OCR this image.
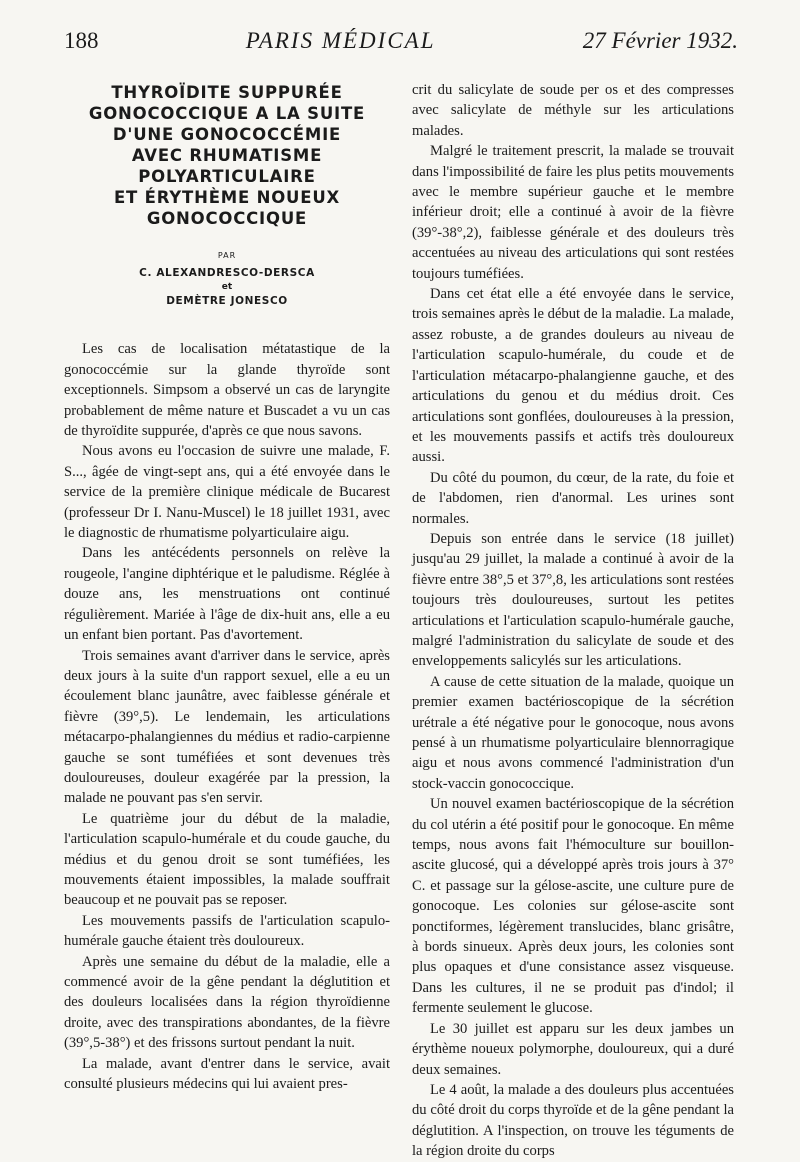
188	PARIS MÉDICAL	27 Février 1932.
THYROÏDITE SUPPURÉE
GONOCOCCIQUE A LA SUITE
D'UNE GONOCOCCÉMIE
AVEC RHUMATISME
POLYARTICULAIRE
ET ÉRYTHÈME NOUEUX
GONOCOCCIQUE
PAR
C. ALEXANDRESCO-DERSCA
et
DEMÈTRE JONESCO

Les cas de localisation métatastique de la gonococcémie sur la glande thyroïde sont exceptionnels. Simpsom a observé un cas de laryngite probablement de même nature et Buscadet a vu un cas de thyroïdite suppurée, d'après ce que nous savons.

Nous avons eu l'occasion de suivre une malade, F. S..., âgée de vingt-sept ans, qui a été envoyée dans le service de la première clinique médicale de Bucarest (professeur Dr I. Nanu-Muscel) le 18 juillet 1931, avec le diagnostic de rhumatisme polyarticulaire aigu.

Dans les antécédents personnels on relève la rougeole, l'angine diphtérique et le paludisme. Réglée à douze ans, les menstruations ont continué régulièrement. Mariée à l'âge de dix-huit ans, elle a eu un enfant bien portant. Pas d'avortement.

Trois semaines avant d'arriver dans le service, après deux jours à la suite d'un rapport sexuel, elle a eu un écoulement blanc jaunâtre, avec faiblesse générale et fièvre (39°,5). Le lendemain, les articulations métacarpo-phalangiennes du médius et radio-carpienne gauche se sont tuméfiées et sont devenues très douloureuses, douleur exagérée par la pression, la malade ne pouvant pas s'en servir.

Le quatrième jour du début de la maladie, l'articulation scapulo-humérale et du coude gauche, du médius et du genou droit se sont tuméfiées, les mouvements étaient impossibles, la malade souffrait beaucoup et ne pouvait pas se reposer.

Les mouvements passifs de l'articulation scapulo-humérale gauche étaient très douloureux.

Après une semaine du début de la maladie, elle a commencé avoir de la gêne pendant la déglutition et des douleurs localisées dans la région thyroïdienne droite, avec des transpirations abondantes, de la fièvre (39°,5-38°) et des frissons surtout pendant la nuit.

La malade, avant d'entrer dans le service, avait consulté plusieurs médecins qui lui avaient pres-

crit du salicylate de soude per os et des compresses avec salicylate de méthyle sur les articulations malades.

Malgré le traitement prescrit, la malade se trouvait dans l'impossibilité de faire les plus petits mouvements avec le membre supérieur gauche et le membre inférieur droit; elle a continué à avoir de la fièvre (39°-38°,2), faiblesse générale et des douleurs très accentuées au niveau des articulations qui sont restées toujours tuméfiées.

Dans cet état elle a été envoyée dans le service, trois semaines après le début de la maladie. La malade, assez robuste, a de grandes douleurs au niveau de l'articulation scapulo-humérale, du coude et de l'articulation métacarpo-phalangienne gauche, et des articulations du genou et du médius droit. Ces articulations sont gonflées, douloureuses à la pression, et les mouvements passifs et actifs très douloureux aussi.

Du côté du poumon, du cœur, de la rate, du foie et de l'abdomen, rien d'anormal. Les urines sont normales.

Depuis son entrée dans le service (18 juillet) jusqu'au 29 juillet, la malade a continué à avoir de la fièvre entre 38°,5 et 37°,8, les articulations sont restées toujours très douloureuses, surtout les petites articulations et l'articulation scapulo-humérale gauche, malgré l'administration du salicylate de soude et des enveloppements salicylés sur les articulations.

A cause de cette situation de la malade, quoique un premier examen bactérioscopique de la sécrétion urétrale a été négative pour le gonocoque, nous avons pensé à un rhumatisme polyarticulaire blennorragique aigu et nous avons commencé l'administration d'un stock-vaccin gonococcique.

Un nouvel examen bactérioscopique de la sécrétion du col utérin a été positif pour le gonocoque. En même temps, nous avons fait l'hémoculture sur bouillon-ascite glucosé, qui a développé après trois jours à 37° C. et passage sur la gélose-ascite, une culture pure de gonocoque. Les colonies sur gélose-ascite sont ponctiformes, légèrement translucides, blanc grisâtre, à bords sinueux. Après deux jours, les colonies sont plus opaques et d'une consistance assez visqueuse. Dans les cultures, il ne se produit pas d'indol; il fermente seulement le glucose.

Le 30 juillet est apparu sur les deux jambes un érythème noueux polymorphe, douloureux, qui a duré deux semaines.

Le 4 août, la malade a des douleurs plus accentuées du côté droit du corps thyroïde et de la gêne pendant la déglutition. A l'inspection, on trouve les téguments de la région droite du corps
